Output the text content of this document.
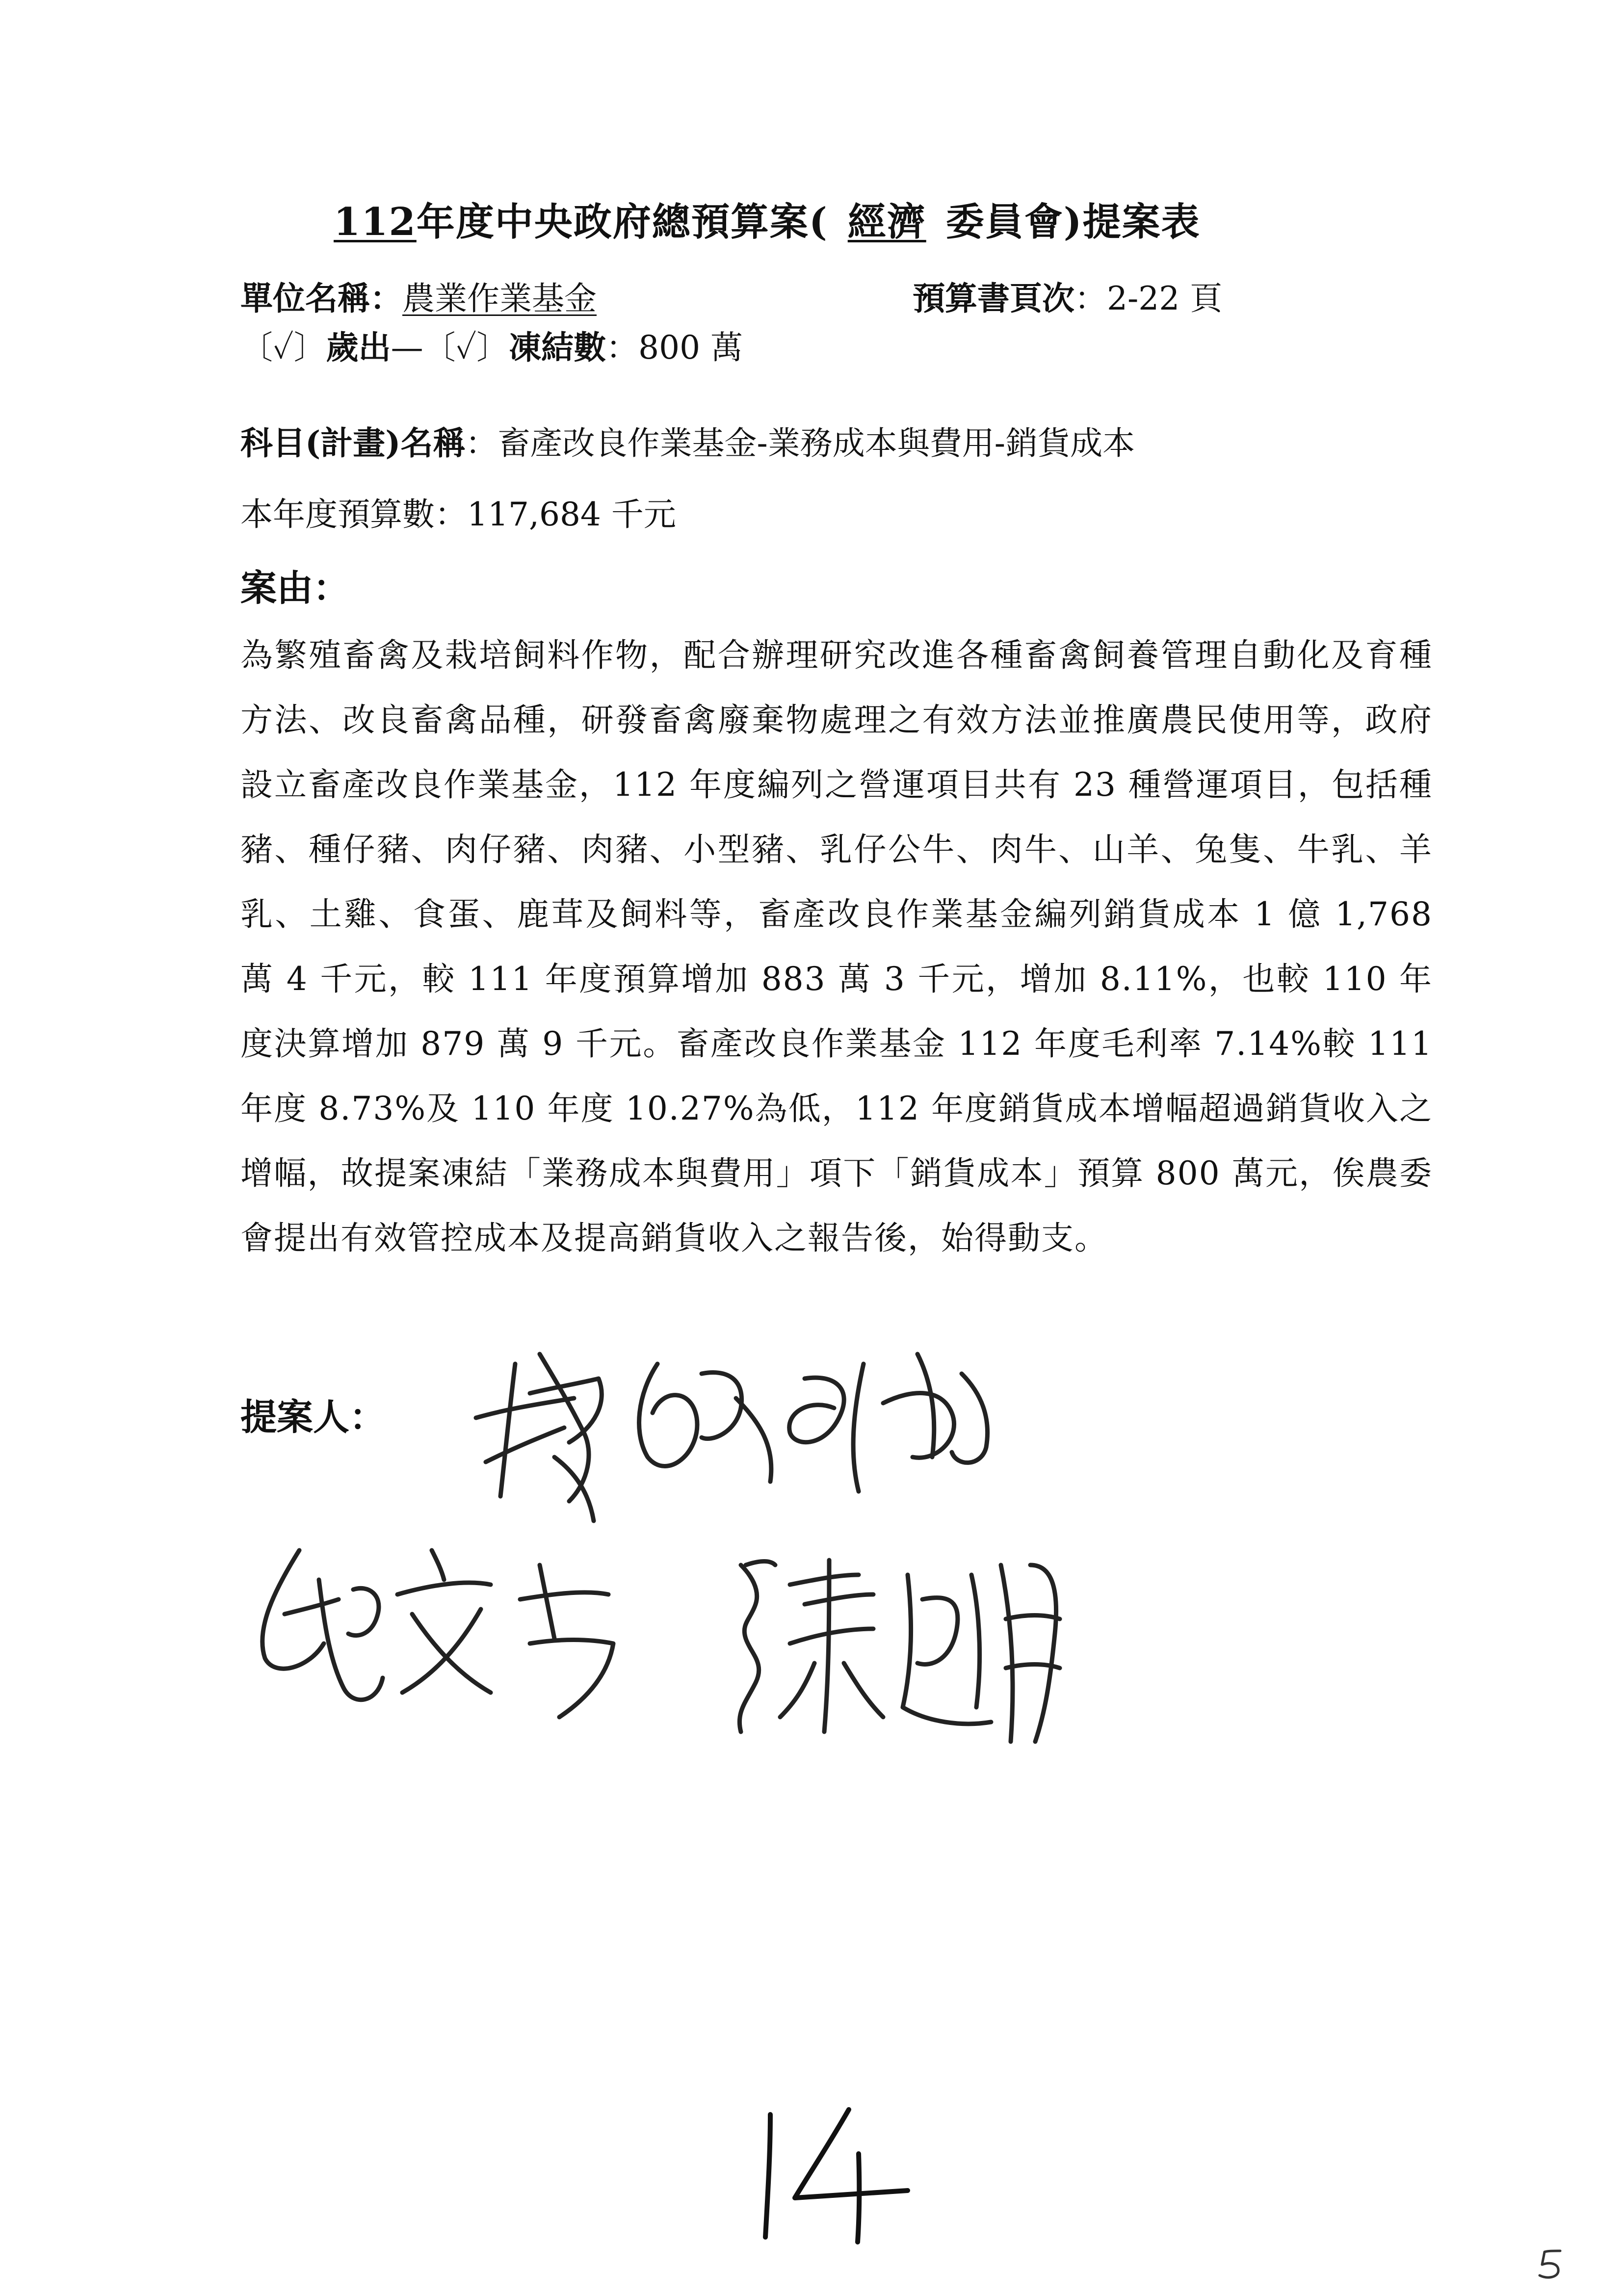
112年度中央政府總預算案( 經濟 委員會)提案表
單位名稱：農業作業基金	預算書頁次：2-22 頁
〔✓〕歲出—〔✓〕凍結數：800 萬
科目(計畫)名稱：畜產改良作業基金-業務成本與費用-銷貨成本
本年度預算數：117,684 千元
案由：
為繁殖畜禽及栽培飼料作物，配合辦理研究改進各種畜禽飼養管理自動化及育種方法、改良畜禽品種，研發畜禽廢棄物處理之有效方法並推廣農民使用等，政府設立畜產改良作業基金，112 年度編列之營運項目共有 23 種營運項目，包括種豬、種仔豬、肉仔豬、肉豬、小型豬、乳仔公牛、肉牛、山羊、兔隻、牛乳、羊乳、土雞、食蛋、鹿茸及飼料等，畜產改良作業基金編列銷貨成本 1 億 1,768 萬 4 千元，較 111 年度預算增加 883 萬 3 千元，增加 8.11%，也較 110 年度決算增加 879 萬 9 千元。畜產改良作業基金 112 年度毛利率 7.14%較 111 年度 8.73%及 110 年度 10.27%為低，112 年度銷貨成本增幅超過銷貨收入之增幅，故提案凍結「業務成本與費用」項下「銷貨成本」預算 800 萬元，俟農委會提出有效管控成本及提高銷貨收入之報告後，始得動支。
提案人：
